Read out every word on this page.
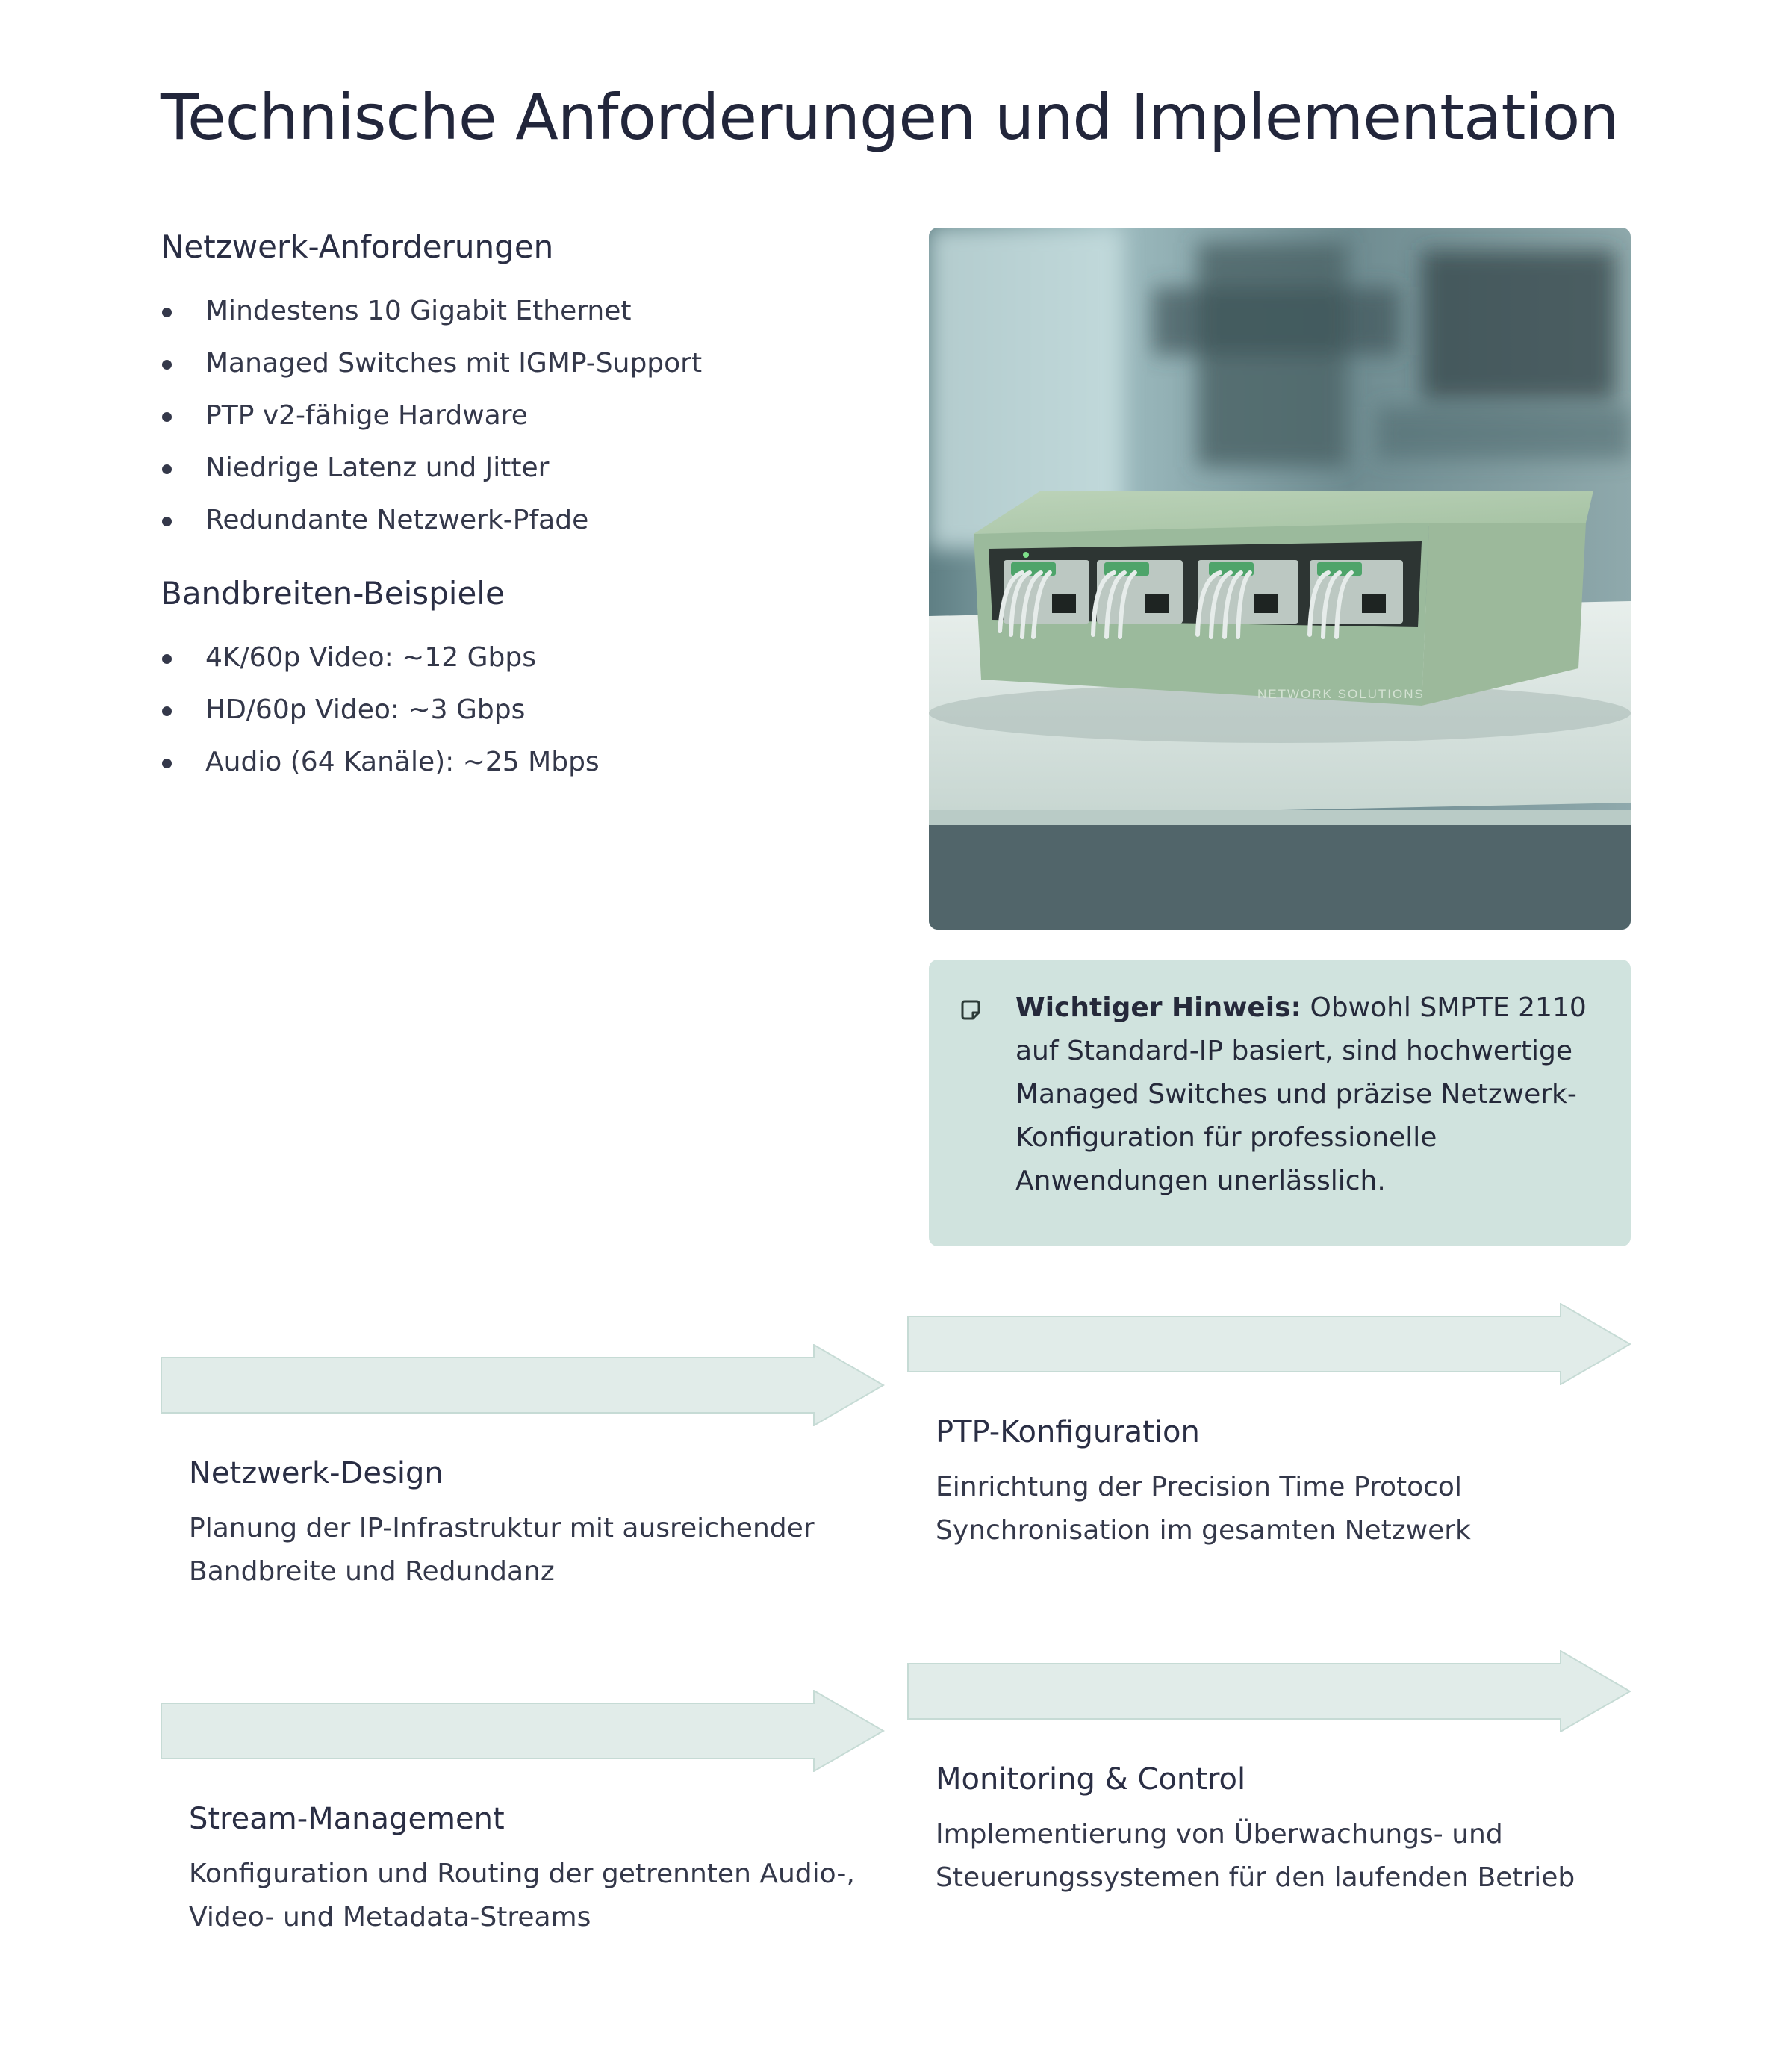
Technische Anforderungen und Implementation
Netzwerk-Anforderungen
Mindestens 10 Gigabit Ethernet
Managed Switches mit IGMP-Support
PTP v2-fähige Hardware
Niedrige Latenz und Jitter
Redundante Netzwerk-Pfade
Bandbreiten-Beispiele
4K/60p Video: ~12 Gbps
HD/60p Video: ~3 Gbps
Audio (64 Kanäle): ~25 Mbps
NETWORK SOLUTIONS

Wichtiger Hinweis: Obwohl SMPTE 2110 auf Standard-IP basiert, sind hochwertige Managed Switches und präzise Netzwerk-Konfiguration für professionelle Anwendungen unerlässlich.

Netzwerk-Design

Planung der IP-Infrastruktur mit ausreichender Bandbreite und Redundanz

PTP-Konfiguration

Einrichtung der Precision Time Protocol Synchronisation im gesamten Netzwerk

Stream-Management

Konfiguration und Routing der getrennten Audio-, Video- und Metadata-Streams

Monitoring & Control

Implementierung von Überwachungs- und Steuerungssystemen für den laufenden Betrieb
